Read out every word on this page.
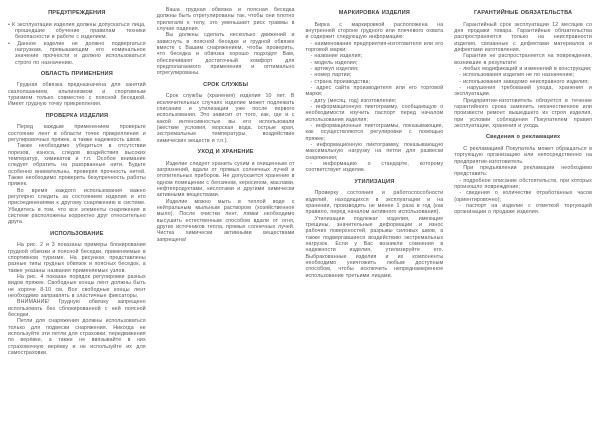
ПРЕДУПРЕЖДЕНИЯ

• К эксплуатации изделия должны допускаться лица, прошедшие обучение правилам техники безопасности и работе с изделием.

• Данное изделие не должно подвергаться нагрузкам, превышающим его номинальное значение прочности и должно использоваться строго по назначению.

ОБЛАСТЬ ПРИМЕНЕНИЯ

Грудная обвязка предназначена для занятий скалолазанием, альпинизмом и спортивным туризмом только совместно с поясной беседкой. Имеет грудную точку прикрепления.

ПРОВЕРКА ИЗДЕЛИЯ

Перед каждым применением проверьте состояние лент в области точек прикрепления и регулировочных пряжек, а также надежность швов.

Также необходимо убедиться в отсутствии порезов, износа, следов воздействия высоких температур, химикатов и т.п. Особое внимание следует обратить на разорванные нити. Будьте особенно внимательны, проверяя прочность нитей. Также необходимо проверить безупречность работы пряжек.

Во время каждого использования важно регулярно следить за состоянием изделия и его присоединениями к другому снаряжению в системе. Убедитесь в том, что все элементы снаряжения в системе расположены корректно друг относительно друга.

ИСПОЛЬЗОВАНИЕ

На рис. 2 и 3 показаны примеры блокирования грудной обвязки и поясной беседки, применяемые в спортивном туризме. На рисунках представлены разные типы грудных обвязок и поясных беседок, а также указаны названия применяемых узлов.

На рис. 4 показан порядок регулировки разных видов пряжек. Свободные концы лент должны быть не короче 8-10 см. Все свободные концы лент необходимо заправлять в эластичные фиксаторы.

ВНИМАНИЕ! Грудную обвязку запрещено использовать без сблокированной с ней поясной беседки.

Петли для снаряжения должны использоваться только для подвески снаряжения. Никогда не используйте эти петли для страховки, передвижения по верёвке, а также не ввязывайте в них страховочную верёвку и не используйте их для самостраховки.

Ваша грудная обвязка и поясная беседка должны быть отрегулированы так, чтобы они плотно прилегали к телу, это уменьшает риск травмы в случае падения.

Вы должны сделать несколько движений и зависнуть в поясной беседке и грудной обвязке вместе с Вашим снаряжением, чтобы проверить, что беседка и обвязка хорошо подходят Вам, обеспечивают достаточный комфорт для предполагаемого применения и оптимально отрегулированы.

СРОК СЛУЖБЫ

Срок службы (хранения) изделия 10 лет. В исключительных случаях изделие может подлежать списанию и утилизации уже после первого использования. Это зависит от того, как, где и с какой интенсивностью вы его использовали (жесткие условия, морская вода, острые края, экстремальные температуры, воздействие химических веществ и т.п.).

УХОД И ХРАНЕНИЕ

Изделие следует хранить сухим и очищенным от загрязнений, вдали от прямых солнечных лучей и отопительных приборов. Не допускается хранение в одном помещении с бензином, керосином, маслами, нефтепродуктами, кислотами и другими химически активными веществами.

Изделие можно мыть в теплой воде с нейтральным мыльным раствором (хозяйственное мыло). После очистки лент, лямки необходимо высушить естественным способом вдали от огня, других источников тепла, прямых солнечных лучей. Чистка химически активными веществами запрещена!

МАРКИРОВКА ИЗДЕЛИЯ

Бирка с маркировкой расположена на внутренней стороне грудного или плечевого охвата и содержит следующую информацию:

- наименование предприятия-изготовителя или его торговой марки;

- название изделия;

- модель изделия;

- артикул изделия;

- номер партии;

- страна производства;

- адрес сайта производителя или его торговой марки;

- дату (месяц, год) изготовления;

- информационную пиктограмму, сообщающую о необходимости изучить паспорт перед началом использования изделия;

- информационные пиктограммы, показывающие, как осуществляются регулировки с помощью пряжек;

- информационную пиктограмму, показывающую максимальную нагрузку на петли для развески снаряжения;

- информацию о стандарте, которому соответствует изделие.

УТИЛИЗАЦИЯ

Проверку состояния и работоспособности изделий, находящихся в эксплуатации и на хранении, производить не менее 1 раза в год (как правило, перед началом активного использования).

Утилизации подлежат изделия, имеющие трещины, значительные деформации и износ рабочих поверхностей, разрывы силовых швов, а также подвергавшиеся воздействию экстремальных нагрузок. Если у Вас возникли сомнения в надежности изделия, утилизируйте его. Выбракованные изделия и их компоненты необходимо уничтожить любым доступным способом, чтобы исключить непреднамеренное использование третьими лицами.

ГАРАНТИЙНЫЕ ОБЯЗАТЕЛЬСТВА

Гарантийный срок эксплуатации 12 месяцев со дня продажи товара. Гарантийные обязательства распространяются только на неисправности изделия, связанные с дефектами материалов и дефектами изготовления.

Гарантия не распространяется на повреждения, возникшие в результате:

- любых модификаций и изменений в конструкции;

- использования изделия не по назначению;

- использования заведомо неисправного изделия;

- нарушения требований ухода, хранения и эксплуатации.

Предприятие-изготовитель обязуется в течение гарантийного срока заменить некачественное или произвести ремонт вышедшего из строя изделия, при условии соблюдения Покупателем правил эксплуатации, хранения и ухода.

Сведения о рекламациях

С рекламацией Покупатель может обращаться в торгующую организацию или непосредственно на предприятие-изготовитель.

При предъявлении рекламации необходимо представить:

- подробное описание обстоятельств, при которых произошло повреждение;

- сведения о количестве отработанных часов (ориентировочно);

- паспорт на изделие с отметкой торгующей организации о продаже изделия.
